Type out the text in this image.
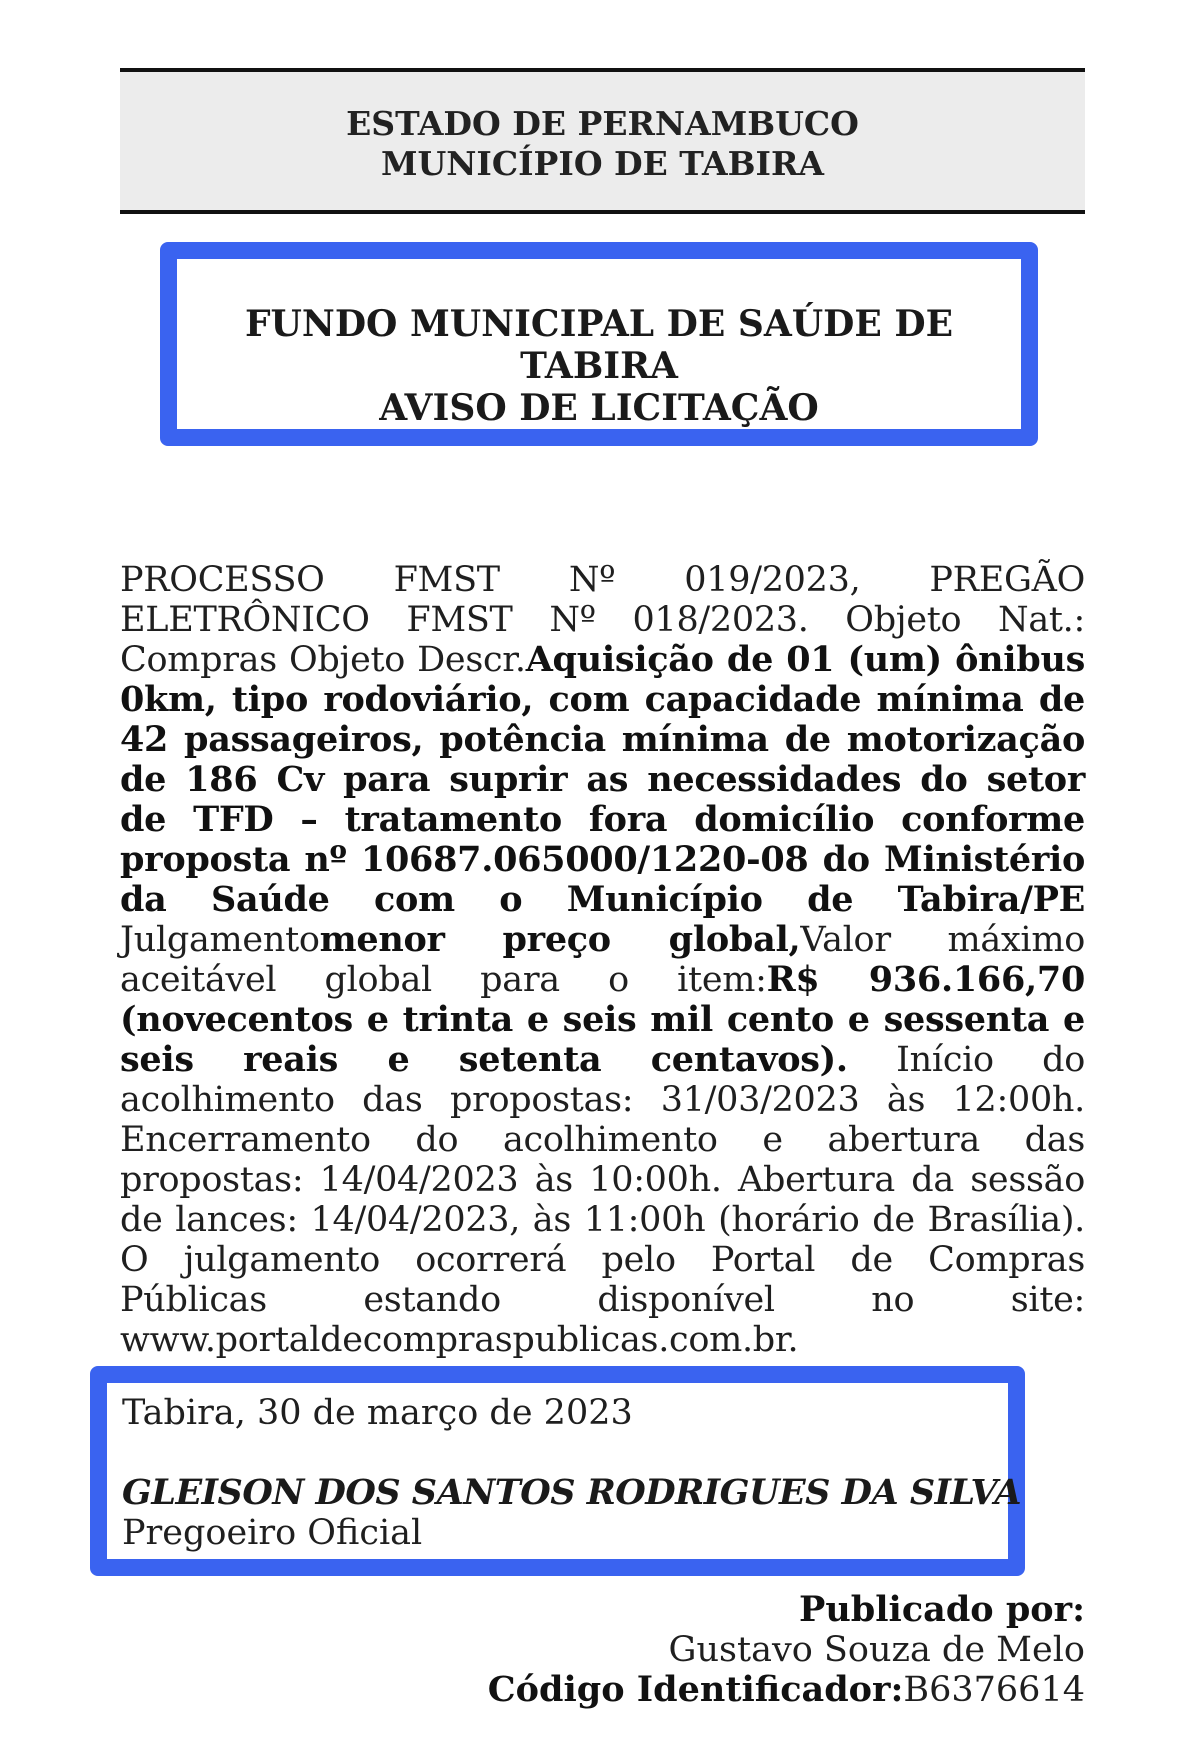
ESTADO DE PERNAMBUCO
MUNICÍPIO DE TABIRA
FUNDO MUNICIPAL DE SAÚDE DE TABIRA
AVISO DE LICITAÇÃO
PROCESSO FMST Nº 019/2023, PREGÃO ELETRÔNICO FMST Nº 018/2023. Objeto Nat.: Compras Objeto Descr.Aquisição de 01 (um) ônibus 0km, tipo rodoviário, com capacidade mínima de 42 passageiros, potência mínima de motorização de 186 Cv para suprir as necessidades do setor de TFD – tratamento fora domicílio conforme proposta nº 10687.065000/1220-08 do Ministério da Saúde com o Município de Tabira/PE Julgamentomenor preço global,Valor máximo aceitável global para o item:R$ 936.166,70 (novecentos e trinta e seis mil cento e sessenta e seis reais e setenta centavos). Início do acolhimento das propostas: 31/03/2023 às 12:00h. Encerramento do acolhimento e abertura das propostas: 14/04/2023 às 10:00h. Abertura da sessão de lances: 14/04/2023, às 11:00h (horário de Brasília). O julgamento ocorrerá pelo Portal de Compras Públicas estando disponível no site: www.portaldecompraspublicas.com.br.
Tabira, 30 de março de 2023
GLEISON DOS SANTOS RODRIGUES DA SILVA
Pregoeiro Oficial
Publicado por:
Gustavo Souza de Melo
Código Identificador:B6376614
